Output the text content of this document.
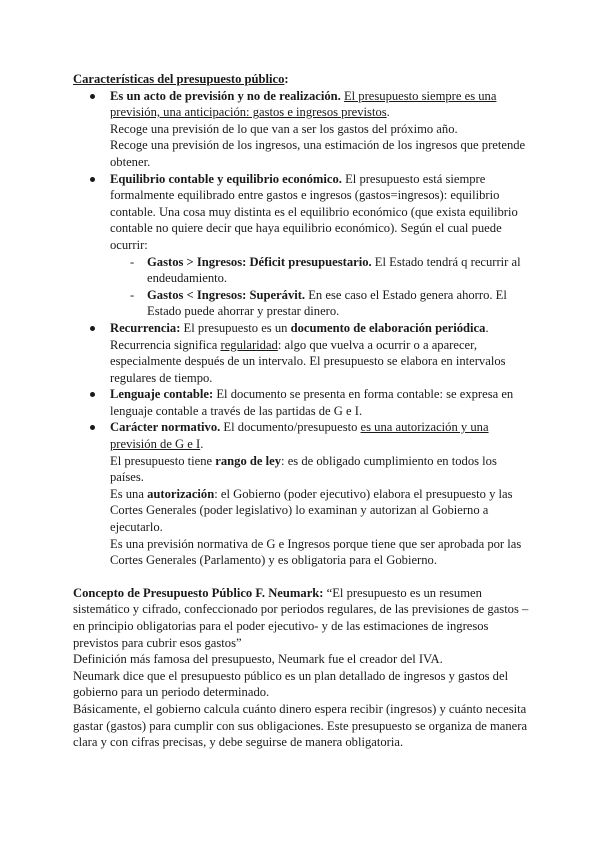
Características del presupuesto público:
Es un acto de previsión y no de realización. El presupuesto siempre es una previsión, una anticipación: gastos e ingresos previstos.
Recoge una previsión de lo que van a ser los gastos del próximo año.
Recoge una previsión de los ingresos, una estimación de los ingresos que pretende obtener.
Equilibrio contable y equilibrio económico. El presupuesto está siempre formalmente equilibrado entre gastos e ingresos (gastos=ingresos): equilibrio contable. Una cosa muy distinta es el equilibrio económico (que exista equilibrio contable no quiere decir que haya equilibrio económico). Según el cual puede ocurrir:
- Gastos > Ingresos: Déficit presupuestario. El Estado tendrá q recurrir al endeudamiento.
- Gastos < Ingresos: Superávit. En ese caso el Estado genera ahorro. El Estado puede ahorrar y prestar dinero.
Recurrencia: El presupuesto es un documento de elaboración periódica.
Recurrencia significa regularidad: algo que vuelva a ocurrir o a aparecer, especialmente después de un intervalo. El presupuesto se elabora en intervalos regulares de tiempo.
Lenguaje contable: El documento se presenta en forma contable: se expresa en lenguaje contable a través de las partidas de G e I.
Carácter normativo. El documento/presupuesto es una autorización y una previsión de G e I.
El presupuesto tiene rango de ley: es de obligado cumplimiento en todos los países.
Es una autorización: el Gobierno (poder ejecutivo) elabora el presupuesto y las Cortes Generales (poder legislativo) lo examinan y autorizan al Gobierno a ejecutarlo.
Es una previsión normativa de G e Ingresos porque tiene que ser aprobada por las Cortes Generales (Parlamento) y es obligatoria para el Gobierno.
Concepto de Presupuesto Público F. Neumark: “El presupuesto es un resumen sistemático y cifrado, confeccionado por periodos regulares, de las previsiones de gastos –en principio obligatorias para el poder ejecutivo- y de las estimaciones de ingresos previstos para cubrir esos gastos”
Definición más famosa del presupuesto, Neumark fue el creador del IVA.
Neumark dice que el presupuesto público es un plan detallado de ingresos y gastos del gobierno para un periodo determinado.
Básicamente, el gobierno calcula cuánto dinero espera recibir (ingresos) y cuánto necesita gastar (gastos) para cumplir con sus obligaciones. Este presupuesto se organiza de manera clara y con cifras precisas, y debe seguirse de manera obligatoria.
